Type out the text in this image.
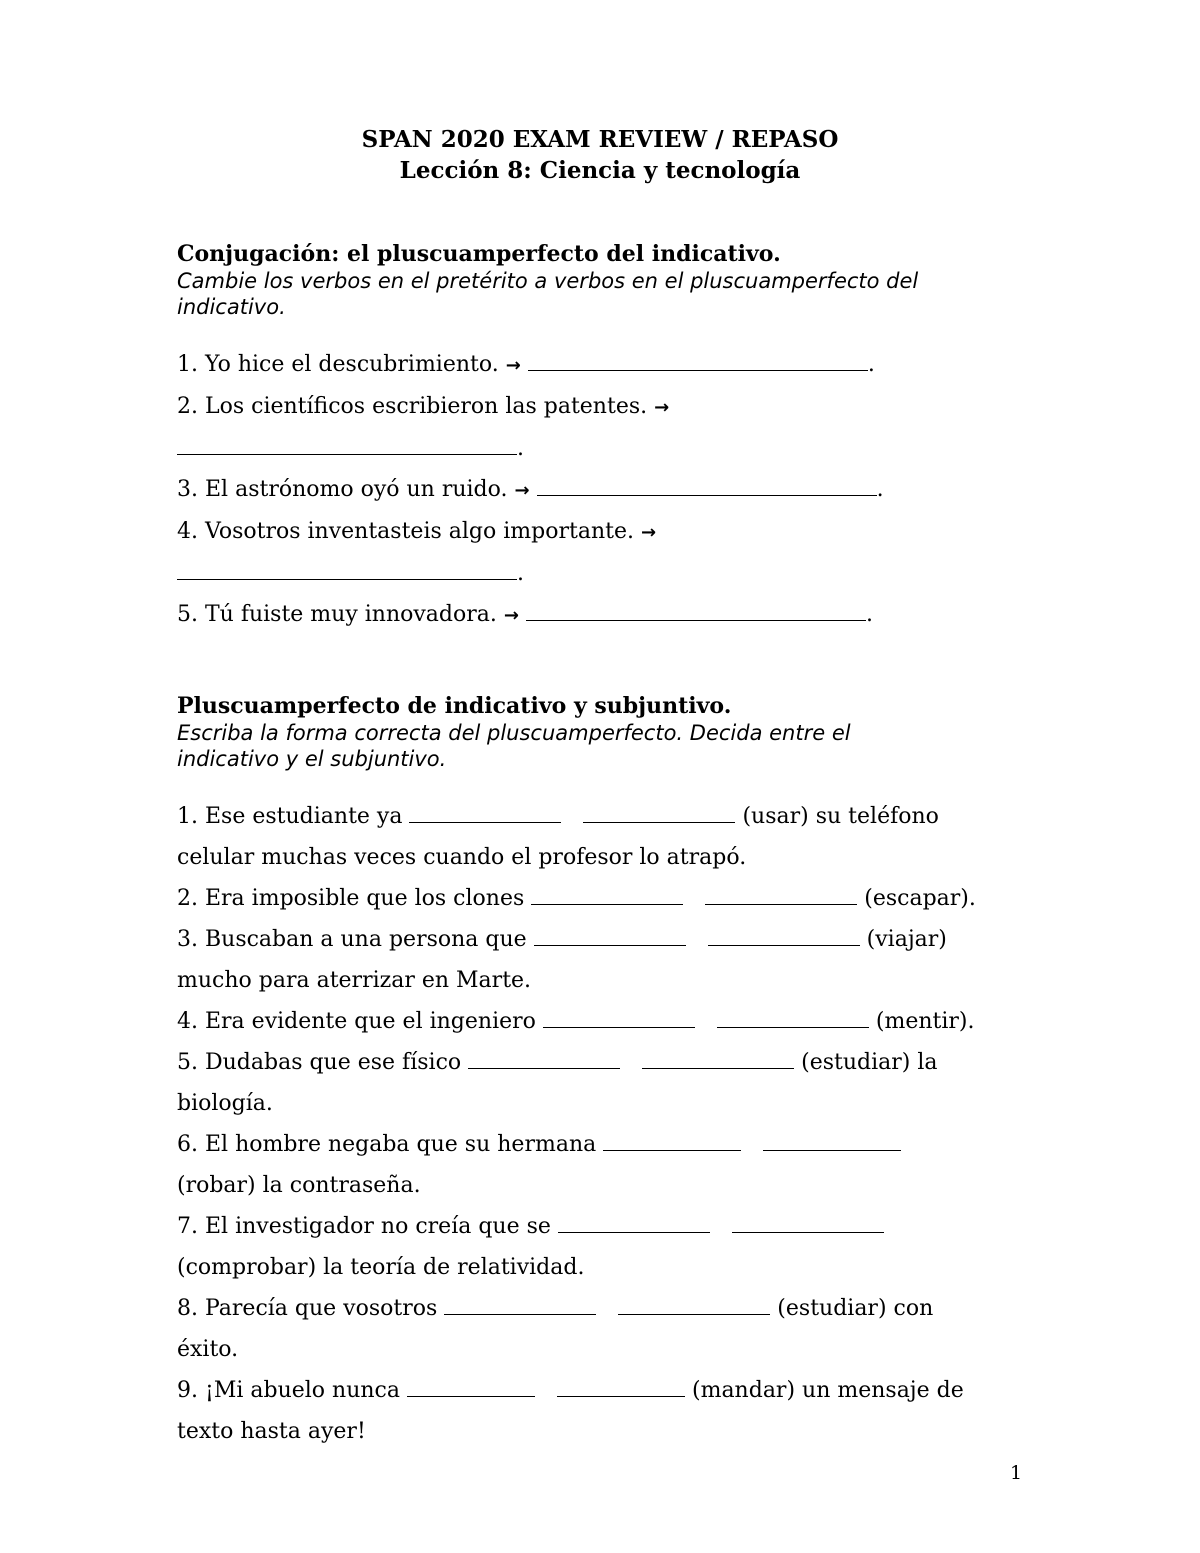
SPAN 2020 EXAM REVIEW / REPASO
Lección 8: Ciencia y tecnología
Conjugación: el pluscuamperfecto del indicativo.
Cambie los verbos en el pretérito a verbos en el pluscuamperfecto del
indicativo.
1. Yo hice el descubrimiento. →	.
2. Los científicos escribieron las patentes. →
.
3. El astrónomo oyó un ruido. →	.
4. Vosotros inventasteis algo importante. →
.
5. Tú fuiste muy innovadora. →	.
Pluscuamperfecto de indicativo y subjuntivo.
Escriba la forma correcta del pluscuamperfecto. Decida entre el
indicativo y el subjuntivo.
1. Ese estudiante ya	(usar) su teléfono
celular muchas veces cuando el profesor lo atrapó.
2. Era imposible que los clones	(escapar).
3. Buscaban a una persona que	(viajar)
mucho para aterrizar en Marte.
4. Era evidente que el ingeniero	(mentir).
5. Dudabas que ese físico	(estudiar) la
biología.
6. El hombre negaba que su hermana
(robar) la contraseña.
7. El investigador no creía que se
(comprobar) la teoría de relatividad.
8. Parecía que vosotros	(estudiar) con
éxito.
9. ¡Mi abuelo nunca	(mandar) un mensaje de
texto hasta ayer!
1
